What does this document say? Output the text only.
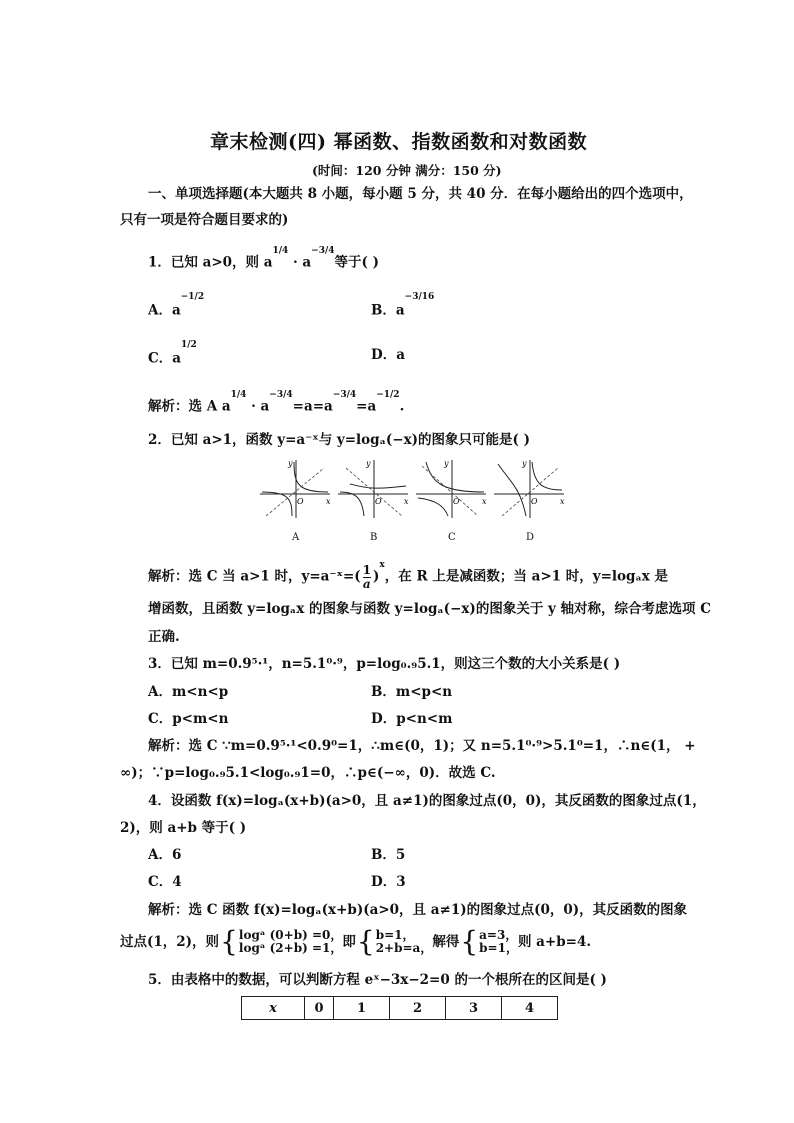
章末检测(四) 幂函数、指数函数和对数函数
(时间：120 分钟 满分：150 分)
一、单项选择题(本大题共 8 小题，每小题 5 分，共 40 分．在每小题给出的四个选项中，
只有一项是符合题目要求的)
1．已知 a>0，则 $a^{1/4} \cdot a^{-3/4}$等于( )
A．$a^{-1/2}$
B．$a^{-3/16}$
C．$a^{1/2}$
D．a
解析：选 A $a^{1/4} \cdot a^{-3/4}=a=a^{-3/4}=a^{-1/2}$.
2．已知 a>1，函数 y=a⁻ˣ与 y=logₐ(−x)的图象只可能是( )
y
x
O
y
x
O
y
x
O
y
x
O
A	B	C	D
解析：选 C 当 a>1 时，y=a⁻ˣ=( $\frac{1}{a} )^x$，在 R 上是减函数；当 a>1 时，y=logₐx 是
增函数，且函数 y=logₐx 的图象与函数 y=logₐ(−x)的图象关于 y 轴对称，综合考虑选项 C
正确.
3．已知 m=0.9⁵·¹，n=5.1⁰·⁹，p=log₀.₉5.1，则这三个数的大小关系是( )
A．m<n<p	B．m<p<n
C．p<m<n	D．p<n<m
解析：选 C ∵m=0.9⁵·¹<0.9⁰=1，∴m∈(0，1)；又 n=5.1⁰·⁹>5.1⁰=1，∴n∈(1， +
∞)；∵p=log₀.₉5.1<log₀.₉1=0，∴p∈(−∞，0)．故选 C.
4．设函数 f(x)=logₐ(x+b)(a>0，且 a≠1)的图象过点(0，0)，其反函数的图象过点(1，
2)，则 a+b 等于( )
A．6	B．5
C．4	D．3
解析：选 C 函数 f(x)=logₐ(x+b)(a>0，且 a≠1)的图象过点(0，0)，其反函数的图象
过点(1，2)，则 { logᵃ (0+b) =0，
logᵃ (2+b) =1， 即 { b=1，
2+b=a， 解得 { a=3，
b=1， 则 a+b=4.
5．由表格中的数据，可以判断方程 eˣ−3x−2=0 的一个根所在的区间是( )
x	0	1	2	3	4
